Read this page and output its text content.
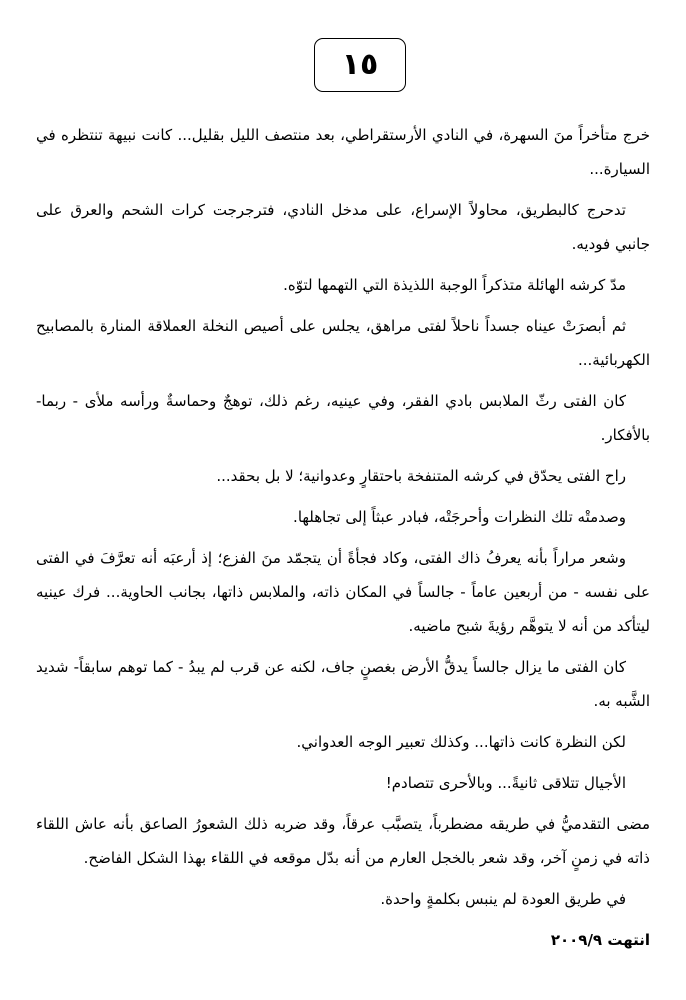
١٥

خرج متأخراً منَ السهرة، في النادي الأرستقراطي، بعد منتصف الليل بقليل... كانت نبيهة تنتظره في السيارة...

تدحرج كالبطريق، محاولاً الإسراع، على مدخل النادي، فترجرجت كرات الشحم والعرق على جانبي فوديه.

مدّ كرشه الهائلة متذكراً الوجبة اللذيذة التي التهمها لتوّه.

ثم أبصرَتْ عيناه جسداً ناحلاً لفتى مراهق، يجلس على أصيص النخلة العملاقة المنارة بالمصابيح الكهربائية...

كان الفتى رثّ الملابس بادي الفقر، وفي عينيه، رغم ذلك، توهجٌ وحماسةٌ ورأسه ملأى - ربما- بالأفكار.

راح الفتى يحدّق في كرشه المتنفخة باحتقارٍ وعدوانية؛ لا بل بحقد...

وصدمتْه تلك النظرات وأحرجَتْه، فبادر عبثاً إلى تجاهلها.

وشعر مراراً بأنه يعرفُ ذاك الفتى، وكاد فجأةً أن يتجمّد منَ الفزع؛ إذ أرعبَه أنه تعرَّفَ في الفتى على نفسه - من أربعين عاماً - جالساً في المكان ذاته، والملابس ذاتها، بجانب الحاوية... فرك عينيه ليتأكد من أنه لا يتوهَّم رؤيةَ شبح ماضيه.

كان الفتى ما يزال جالساً يدقُّ الأرض بغصنٍ جاف، لكنه عن قرب لم يبدُ - كما توهم سابقاً- شديد الشَّبه به.

لكن النظرة كانت ذاتها... وكذلك تعبير الوجه العدواني.

الأجيال تتلاقى ثانيةً... وبالأحرى تتصادم!

مضى التقدميُّ في طريقه مضطرباً، يتصبَّب عرقاً، وقد ضربه ذلك الشعورُ الصاعق بأنه عاش اللقاء ذاته في زمنٍ آخر، وقد شعر بالخجل العارم من أنه بدّل موقعه في اللقاء بهذا الشكل الفاضح.

في طريق العودة لم ينبس بكلمةٍ واحدة.

انتهت ٢٠٠٩/٩
